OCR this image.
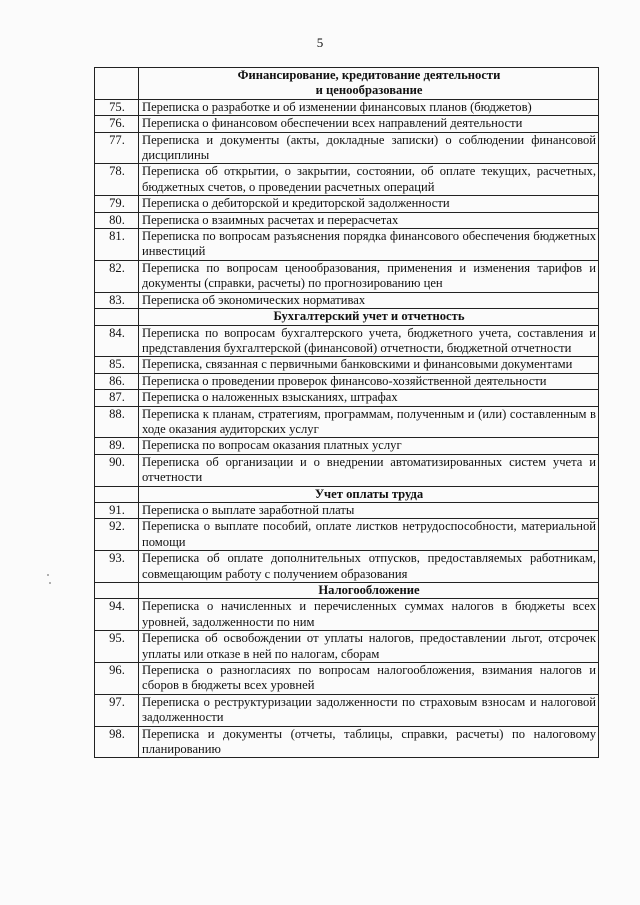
5
	Финансирование, кредитование деятельности
и ценообразование
75.	Переписка о разработке и об изменении финансовых планов (бюджетов)
76.	Переписка о финансовом обеспечении всех направлений деятельности
77.	Переписка и документы (акты, докладные записки) о соблюдении финансовой дисциплины
78.	Переписка об открытии, о закрытии, состоянии, об оплате текущих, расчетных, бюджетных счетов, о проведении расчетных операций
79.	Переписка о дебиторской и кредиторской задолженности
80.	Переписка о взаимных расчетах и перерасчетах
81.	Переписка по вопросам разъяснения порядка финансового обеспечения бюджетных инвестиций
82.	Переписка по вопросам ценообразования, применения и изменения тарифов и документы (справки, расчеты) по прогнозированию цен
83.	Переписка об экономических нормативах
	Бухгалтерский учет и отчетность
84.	Переписка по вопросам бухгалтерского учета, бюджетного учета, составления и представления бухгалтерской (финансовой) отчетности, бюджетной отчетности
85.	Переписка, связанная с первичными банковскими и финансовыми документами
86.	Переписка о проведении проверок финансово-хозяйственной деятельности
87.	Переписка о наложенных взысканиях, штрафах
88.	Переписка к планам, стратегиям, программам, полученным и (или) составленным в ходе оказания аудиторских услуг
89.	Переписка по вопросам оказания платных услуг
90.	Переписка об организации и о внедрении автоматизированных систем учета и отчетности
	Учет оплаты труда
91.	Переписка о выплате заработной платы
92.	Переписка о выплате пособий, оплате листков нетрудоспособности, материальной помощи
93.	Переписка об оплате дополнительных отпусков, предоставляемых работникам, совмещающим работу с получением образования
	Налогообложение
94.	Переписка о начисленных и перечисленных суммах налогов в бюджеты всех уровней, задолженности по ним
95.	Переписка об освобождении от уплаты налогов, предоставлении льгот, отсрочек уплаты или отказе в ней по налогам, сборам
96.	Переписка о разногласиях по вопросам налогообложения, взимания налогов и сборов в бюджеты всех уровней
97.	Переписка о реструктуризации задолженности по страховым взносам и налоговой задолженности
98.	Переписка и документы (отчеты, таблицы, справки, расчеты) по налоговому планированию
